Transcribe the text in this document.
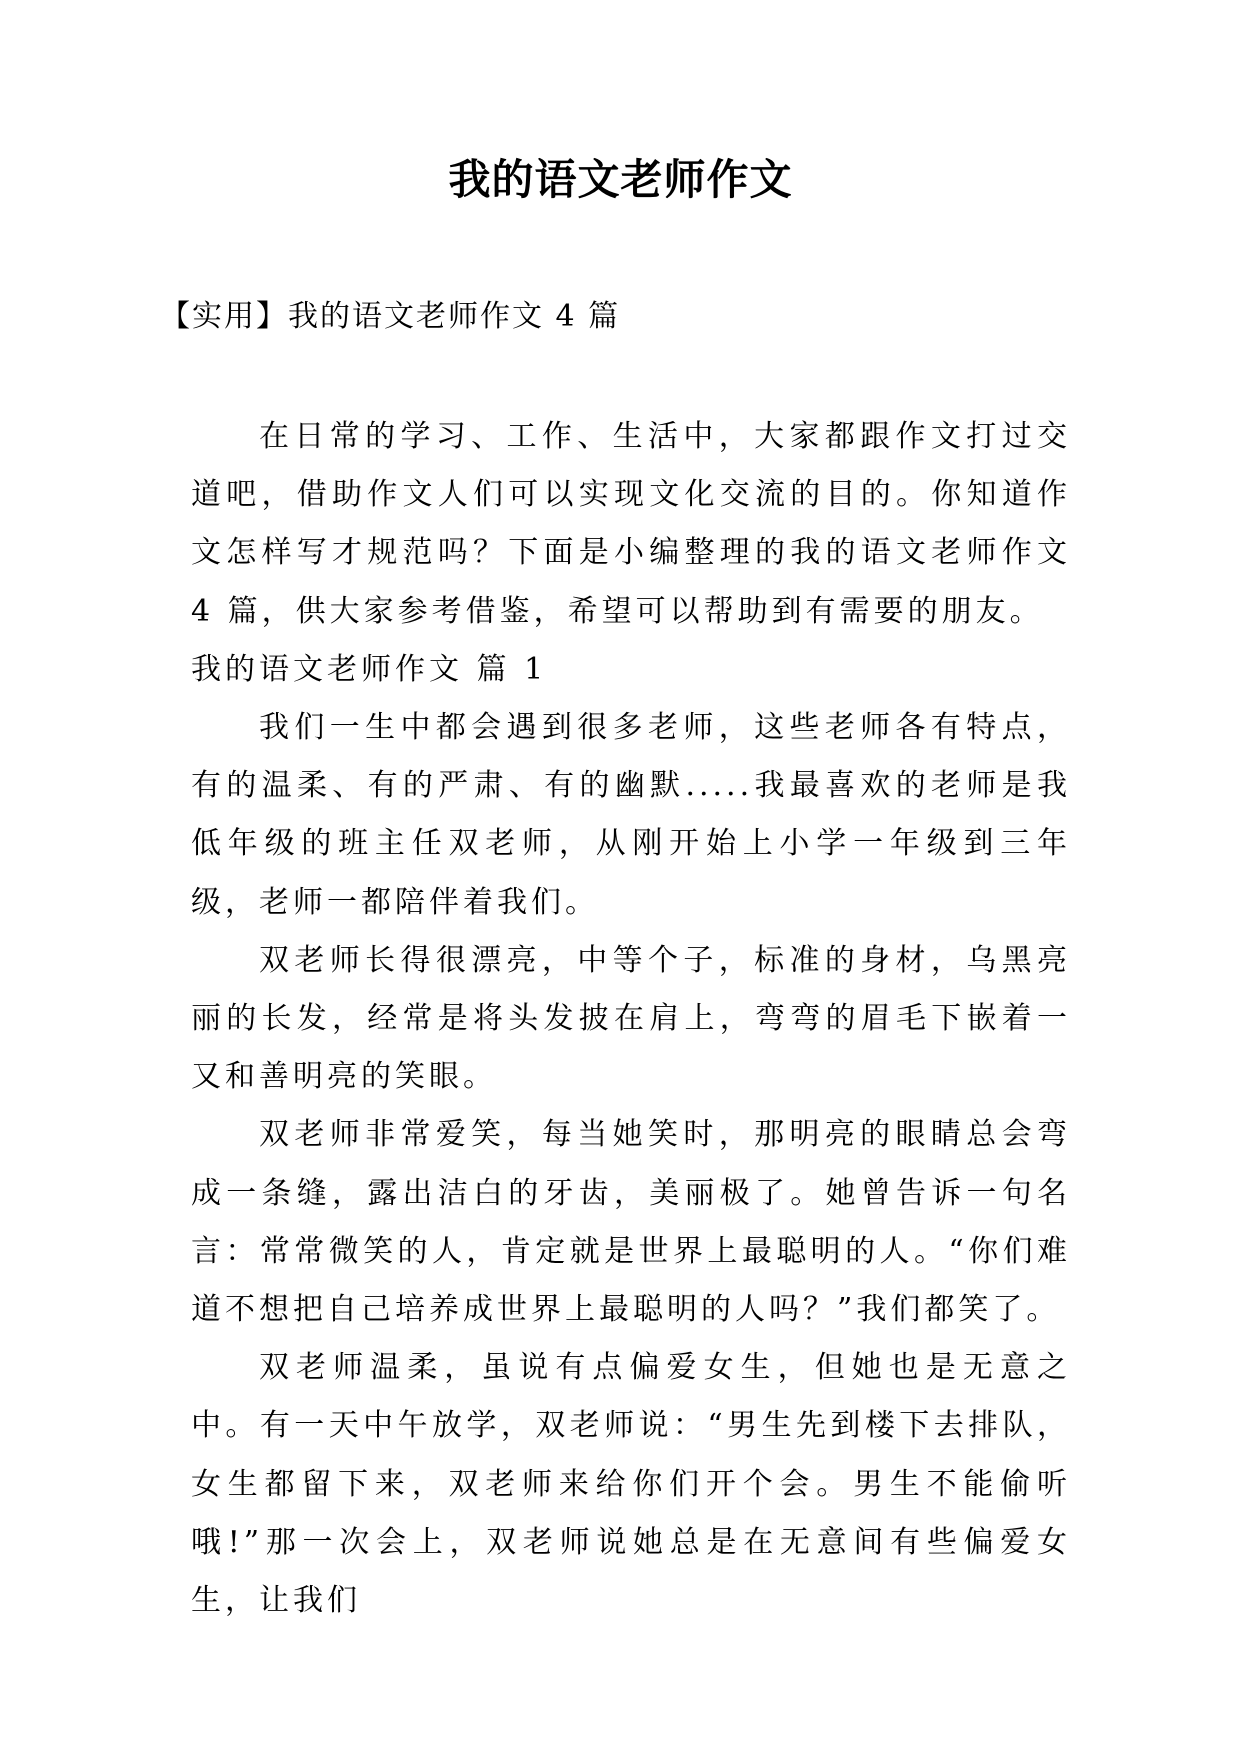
我的语文老师作文
【实用】我的语文老师作文 4 篇

在日常的学习、工作、生活中，大家都跟作文打过交道吧，借助作文人们可以实现文化交流的目的。你知道作文怎样写才规范吗？下面是小编整理的我的语文老师作文 4 篇，供大家参考借鉴，希望可以帮助到有需要的朋友。

我的语文老师作文 篇 1

我们一生中都会遇到很多老师，这些老师各有特点，有的温柔、有的严肃、有的幽默.....我最喜欢的老师是我低年级的班主任双老师，从刚开始上小学一年级到三年级，老师一都陪伴着我们。

双老师长得很漂亮，中等个子，标准的身材，乌黑亮丽的长发，经常是将头发披在肩上，弯弯的眉毛下嵌着一又和善明亮的笑眼。

双老师非常爱笑，每当她笑时，那明亮的眼睛总会弯成一条缝，露出洁白的牙齿，美丽极了。她曾告诉一句名言：常常微笑的人，肯定就是世界上最聪明的人。“你们难道不想把自己培养成世界上最聪明的人吗？”我们都笑了。

双老师温柔，虽说有点偏爱女生，但她也是无意之中。有一天中午放学，双老师说：“男生先到楼下去排队，女生都留下来，双老师来给你们开个会。男生不能偷听哦!”那一次会上，双老师说她总是在无意间有些偏爱女生，让我们
